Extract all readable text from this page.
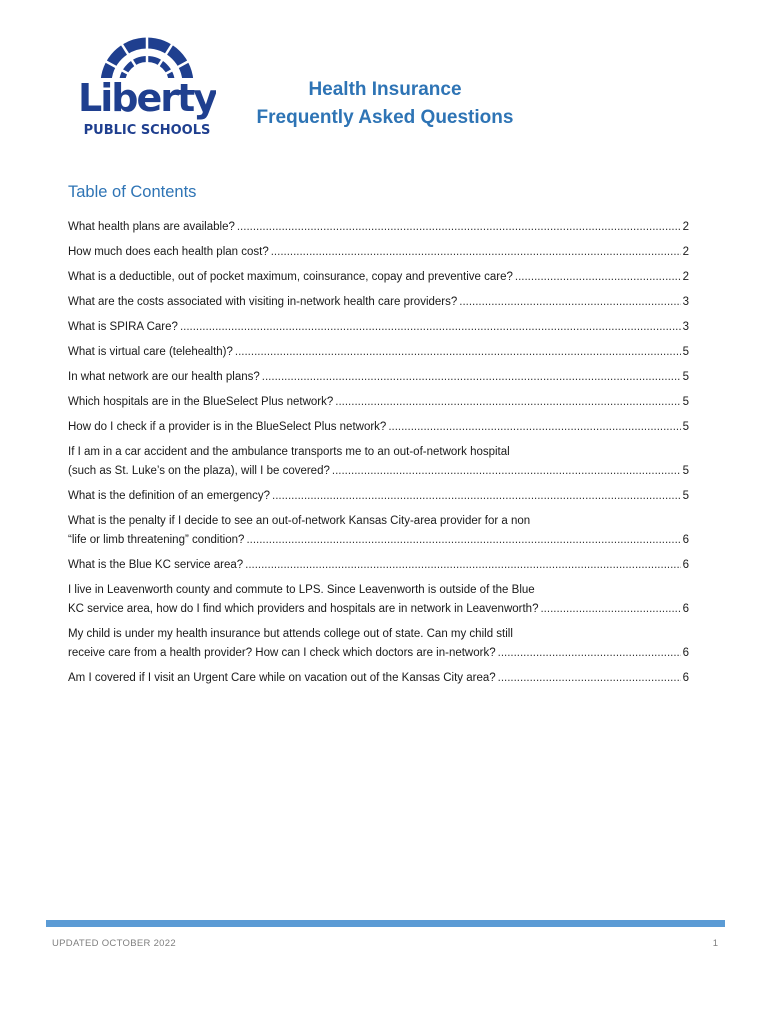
Liberty
PUBLIC SCHOOLS
Health Insurance
Frequently Asked Questions
Table of Contents
What health plans are available? .....	2
How much does each health plan cost? .....	2
What is a deductible, out of pocket maximum, coinsurance, copay and preventive care? .....	2
What are the costs associated with visiting in-network health care providers? .....	3
What is SPIRA Care? .....	3
What is virtual care (telehealth)? .....	5
In what network are our health plans? .....	5
Which hospitals are in the BlueSelect Plus network? .....	5
How do I check if a provider is in the BlueSelect Plus network? .....	5
If I am in a car accident and the ambulance transports me to an out-of-network hospital
(such as St. Luke’s on the plaza), will I be covered? .....	5
What is the definition of an emergency? .....	5
What is the penalty if I decide to see an out-of-network Kansas City-area provider for a non
“life or limb threatening” condition? .....	6
What is the Blue KC service area? .....	6
I live in Leavenworth county and commute to LPS. Since Leavenworth is outside of the Blue
KC service area, how do I find which providers and hospitals are in network in Leavenworth? .....	6
My child is under my health insurance but attends college out of state. Can my child still
receive care from a health provider? How can I check which doctors are in-network? .....	6
Am I covered if I visit an Urgent Care while on vacation out of the Kansas City area? .....	6
UPDATED OCTOBER 2022	1
